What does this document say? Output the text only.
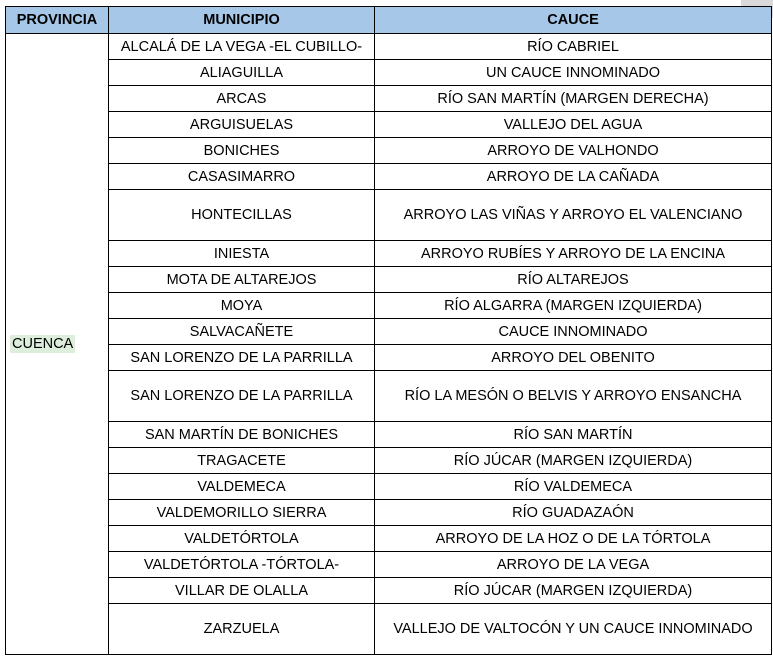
PROVINCIA	MUNICIPIO	CAUCE
CUENCA	ALCALÁ DE LA VEGA -EL CUBILLO-	RÍO CABRIEL
	ALIAGUILLA	UN CAUCE INNOMINADO
	ARCAS	RÍO SAN MARTÍN (MARGEN DERECHA)
	ARGUISUELAS	VALLEJO DEL AGUA
	BONICHES	ARROYO DE VALHONDO
	CASASIMARRO	ARROYO DE LA CAÑADA
	HONTECILLAS	ARROYO LAS VIÑAS Y ARROYO EL VALENCIANO
	INIESTA	ARROYO RUBÍES Y ARROYO DE LA ENCINA
	MOTA DE ALTAREJOS	RÍO ALTAREJOS
	MOYA	RÍO ALGARRA (MARGEN IZQUIERDA)
	SALVACAÑETE	CAUCE INNOMINADO
	SAN LORENZO DE LA PARRILLA	ARROYO DEL OBENITO
	SAN LORENZO DE LA PARRILLA	RÍO LA MESÓN O BELVIS Y ARROYO ENSANCHA
	SAN MARTÍN DE BONICHES	RÍO SAN MARTÍN
	TRAGACETE	RÍO JÚCAR (MARGEN IZQUIERDA)
	VALDEMECA	RÍO VALDEMECA
	VALDEMORILLO SIERRA	RÍO GUADAZAÓN
	VALDETÓRTOLA	ARROYO DE LA HOZ O DE LA TÓRTOLA
	VALDETÓRTOLA -TÓRTOLA-	ARROYO DE LA VEGA
	VILLAR DE OLALLA	RÍO JÚCAR (MARGEN IZQUIERDA)
	ZARZUELA	VALLEJO DE VALTOCÓN Y UN CAUCE INNOMINADO
